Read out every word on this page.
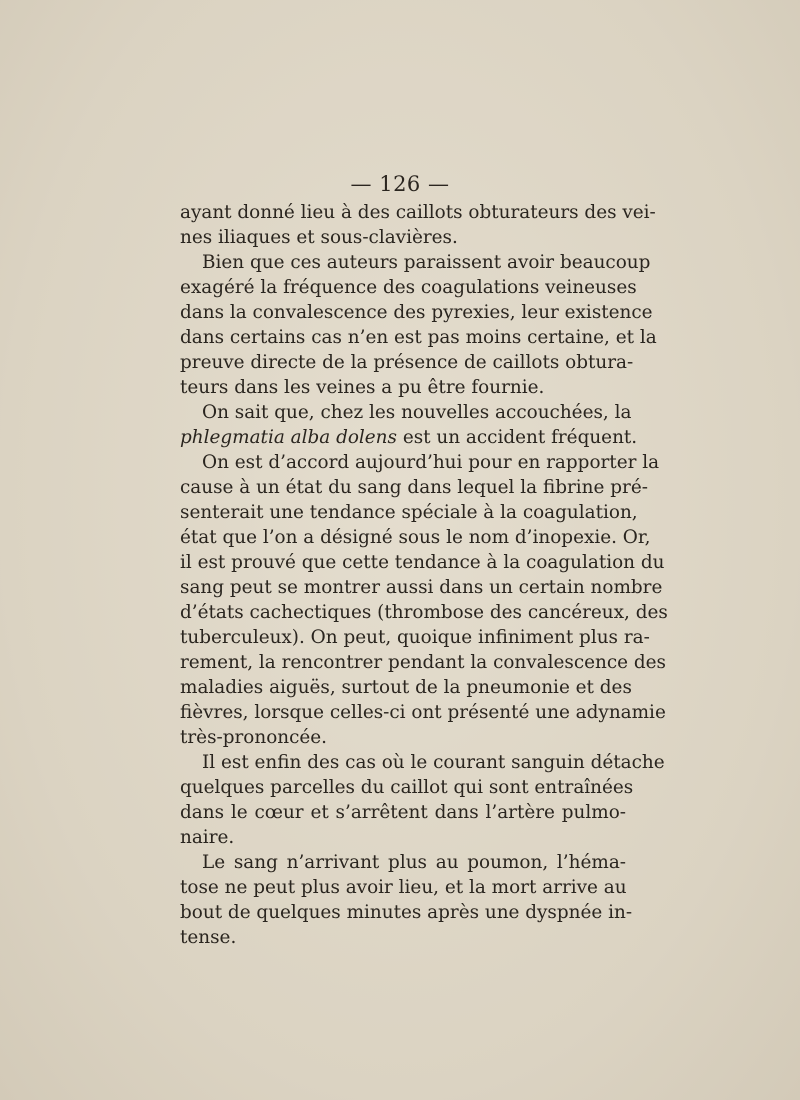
— 126 —
ayant donné lieu à des caillots obturateurs des vei-
nes iliaques et sous-clavières.
Bien que ces auteurs paraissent avoir beaucoup
exagéré la fréquence des coagulations veineuses
dans la convalescence des pyrexies, leur existence
dans certains cas n’en est pas moins certaine, et la
preuve directe de la présence de caillots obtura-
teurs dans les veines a pu être fournie.
On sait que, chez les nouvelles accouchées, la
phlegmatia alba dolens est un accident fréquent.
On est d’accord aujourd’hui pour en rapporter la
cause à un état du sang dans lequel la fibrine pré-
senterait une tendance spéciale à la coagulation,
état que l’on a désigné sous le nom d’inopexie. Or,
il est prouvé que cette tendance à la coagulation du
sang peut se montrer aussi dans un certain nombre
d’états cachectiques (thrombose des cancéreux, des
tuberculeux). On peut, quoique infiniment plus ra-
rement, la rencontrer pendant la convalescence des
maladies aiguës, surtout de la pneumonie et des
fièvres, lorsque celles-ci ont présenté une adynamie
très-prononcée.
Il est enfin des cas où le courant sanguin détache
quelques parcelles du caillot qui sont entraînées
dans le cœur et s’arrêtent dans l’artère pulmo-
naire.
Le sang n’arrivant plus au poumon, l’héma-
tose ne peut plus avoir lieu, et la mort arrive au
bout de quelques minutes après une dyspnée in-
tense.
